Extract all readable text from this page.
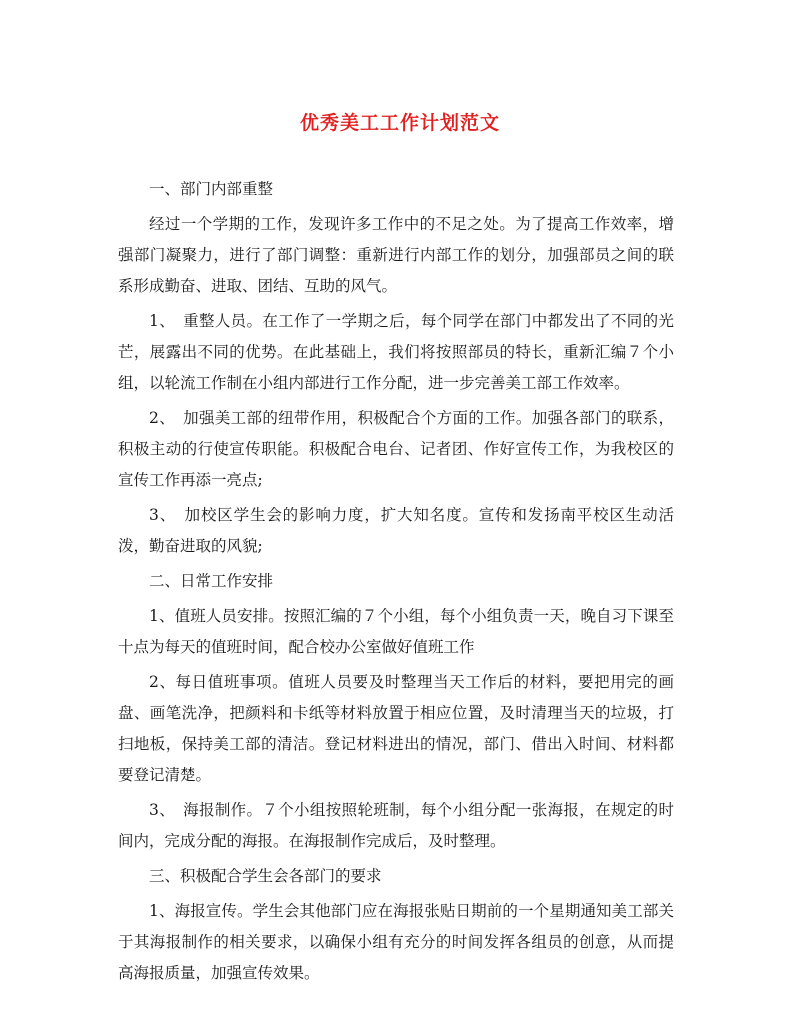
优秀美工工作计划范文

一、部门内部重整

经过一个学期的工作，发现许多工作中的不足之处。为了提高工作效率，增强部门凝聚力，进行了部门调整：重新进行内部工作的划分，加强部员之间的联系形成勤奋、进取、团结、互助的风气。

1、　重整人员。在工作了一学期之后，每个同学在部门中都发出了不同的光芒，展露出不同的优势。在此基础上，我们将按照部员的特长，重新汇编７个小组，以轮流工作制在小组内部进行工作分配，进一步完善美工部工作效率。

2、　加强美工部的纽带作用，积极配合个方面的工作。加强各部门的联系，积极主动的行使宣传职能。积极配合电台、记者团、作好宣传工作，为我校区的宣传工作再添一亮点;

3、　加校区学生会的影响力度，扩大知名度。宣传和发扬南平校区生动活泼，勤奋进取的风貌;

二、日常工作安排

1、值班人员安排。按照汇编的７个小组，每个小组负责一天，晚自习下课至十点为每天的值班时间，配合校办公室做好值班工作

2、每日值班事项。值班人员要及时整理当天工作后的材料，要把用完的画盘、画笔洗净，把颜料和卡纸等材料放置于相应位置，及时清理当天的垃圾，打扫地板，保持美工部的清洁。登记材料进出的情况，部门、借出入时间、材料都要登记清楚。

3、　海报制作。７个小组按照轮班制，每个小组分配一张海报，在规定的时间内，完成分配的海报。在海报制作完成后，及时整理。

三、积极配合学生会各部门的要求

1、海报宣传。学生会其他部门应在海报张贴日期前的一个星期通知美工部关于其海报制作的相关要求，以确保小组有充分的时间发挥各组员的创意，从而提高海报质量，加强宣传效果。
